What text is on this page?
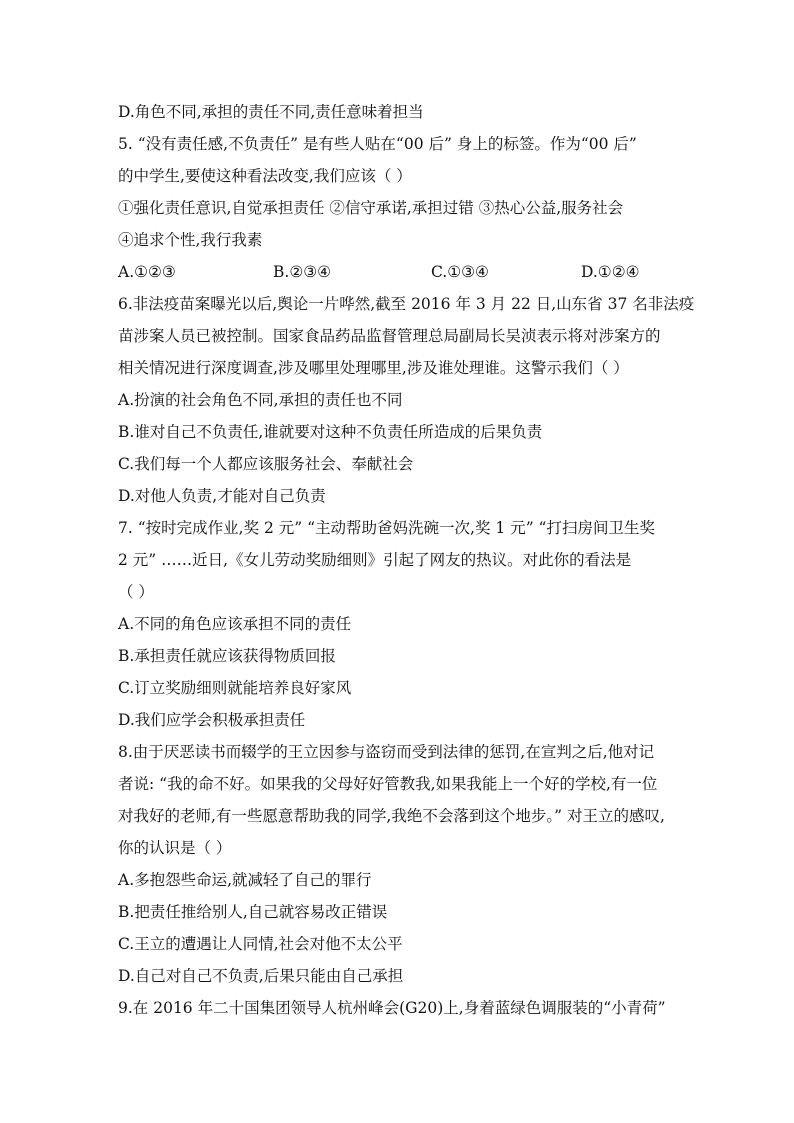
D.角色不同,承担的责任不同,责任意味着担当
5. “没有责任感,不负责任” 是有些人贴在“00 后” 身上的标签。作为“00 后”
的中学生,要使这种看法改变,我们应该（ ）
①强化责任意识,自觉承担责任 ②信守承诺,承担过错 ③热心公益,服务社会
④追求个性,我行我素
A.①②③	B.②③④	C.①③④	D.①②④
6.非法疫苗案曝光以后,舆论一片哗然,截至 2016 年 3 月 22 日,山东省 37 名非法疫
苗涉案人员已被控制。国家食品药品监督管理总局副局长吴浈表示将对涉案方的
相关情况进行深度调查,涉及哪里处理哪里,涉及谁处理谁。这警示我们（ ）
A.扮演的社会角色不同,承担的责任也不同
B.谁对自己不负责任,谁就要对这种不负责任所造成的后果负责
C.我们每一个人都应该服务社会、奉献社会
D.对他人负责,才能对自己负责
7. “按时完成作业,奖 2 元” “主动帮助爸妈洗碗一次,奖 1 元” “打扫房间卫生奖
2 元” ……近日,《女儿劳动奖励细则》引起了网友的热议。对此你的看法是
（ ）
A.不同的角色应该承担不同的责任
B.承担责任就应该获得物质回报
C.订立奖励细则就能培养良好家风
D.我们应学会积极承担责任
8.由于厌恶读书而辍学的王立因参与盗窃而受到法律的惩罚,在宣判之后,他对记
者说: “我的命不好。如果我的父母好好管教我,如果我能上一个好的学校,有一位
对我好的老师,有一些愿意帮助我的同学,我绝不会落到这个地步。” 对王立的感叹,
你的认识是（ ）
A.多抱怨些命运,就减轻了自己的罪行
B.把责任推给别人,自己就容易改正错误
C.王立的遭遇让人同情,社会对他不太公平
D.自己对自己不负责,后果只能由自己承担
9.在 2016 年二十国集团领导人杭州峰会(G20)上,身着蓝绿色调服装的“小青荷”
